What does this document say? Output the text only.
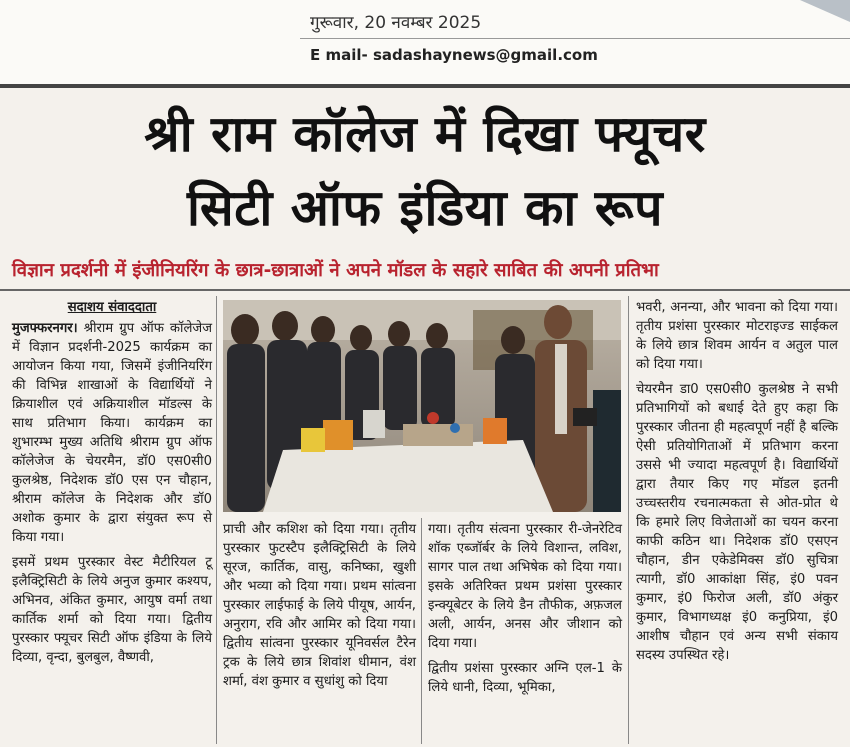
गुरूवार, 20 नवम्बर 2025
E mail- sadashaynews@gmail.com
श्री राम कॉलेज में दिखा फ्यूचर
सिटी ऑफ इंडिया का रूप
विज्ञान प्रदर्शनी में इंजीनियरिंग के छात्र-छात्राओं ने अपने मॉडल के सहारे साबित की अपनी प्रतिभा
सदाशय संवाददाता

मुजफ्फरनगर। श्रीराम ग्रुप ऑफ कॉलेजेज में विज्ञान प्रदर्शनी-2025 कार्यक्रम का आयोजन किया गया, जिसमें इंजीनियरिंग की विभिन्न शाखाओं के विद्यार्थियों ने क्रियाशील एवं अक्रियाशील मॉडल्स के साथ प्रतिभाग किया। कार्यक्रम का शुभारम्भ मुख्य अतिथि श्रीराम ग्रुप ऑफ कॉलेजेज के चेयरमैन, डॉ0 एस0सी0 कुलश्रेष्ठ, निदेशक डॉ0 एस एन चौहान, श्रीराम कॉलेज के निदेशक और डॉ0 अशोक कुमार के द्वारा संयुक्त रूप से किया गया।

इसमें प्रथम पुरस्कार वेस्ट मैटीरियल टू इलैक्ट्रिसिटी के लिये अनुज कुमार कश्यप, अभिनव, अंकित कुमार, आयुष वर्मा तथा कार्तिक शर्मा को दिया गया। द्वितीय पुरस्कार फ्यूचर सिटी ऑफ इंडिया के लिये दिव्या, वृन्दा, बुलबुल, वैष्णवी,

प्राची और कशिश को दिया गया। तृतीय पुरस्कार फुटस्टैप इलैक्ट्रिसिटी के लिये सूरज, कार्तिक, वासु, कनिष्का, खुशी और भव्या को दिया गया। प्रथम सांत्वना पुरस्कार लाईफाई के लिये पीयूष, आर्यन, अनुराग, रवि और आमिर को दिया गया। द्वितीय सांत्वना पुरस्कार यूनिवर्सल टैरेन ट्रक के लिये छात्र शिवांश धीमान, वंश शर्मा, वंश कुमार व सुधांशु को दिया

गया। तृतीय संत्वना पुरस्कार री-जेनरेटिव शॉक एब्जॉर्बर के लिये विशान्त, लविश, सागर पाल तथा अभिषेक को दिया गया। इसके अतिरिक्त प्रथम प्रशंसा पुरस्कार इन्क्यूबेटर के लिये डैन तौफीक, अफ़जल अली, आर्यन, अनस और जीशान को दिया गया।

द्वितीय प्रशंसा पुरस्कार अग्नि एल-1 के लिये धानी, दिव्या, भूमिका,

भवरी, अनन्या, और भावना को दिया गया। तृतीय प्रशंसा पुरस्कार मोटराइज्ड साईकल के लिये छात्र शिवम आर्यन व अतुल पाल को दिया गया।

चेयरमैन डा0 एस0सी0 कुलश्रेष्ठ ने सभी प्रतिभागियों को बधाई देते हुए कहा कि पुरस्कार जीतना ही महत्वपूर्ण नहीं है बल्कि ऐसी प्रतियोगिताओं में प्रतिभाग करना उससे भी ज्यादा महत्वपूर्ण है। विद्यार्थियों द्वारा तैयार किए गए मॉडल इतनी उच्चस्तरीय रचनात्मकता से ओत-प्रोत थे कि हमारे लिए विजेताओं का चयन करना काफी कठिन था। निदेशक डॉ0 एसएन चौहान, डीन एकेडेमिक्स डॉ0 सुचित्रा त्यागी, डॉ0 आकांक्षा सिंह, इं0 पवन कुमार, इं0 फिरोज अली, डॉ0 अंकुर कुमार, विभागध्यक्ष इं0 कनुप्रिया, इं0 आशीष चौहान एवं अन्य सभी संकाय सदस्य उपस्थित रहे।
